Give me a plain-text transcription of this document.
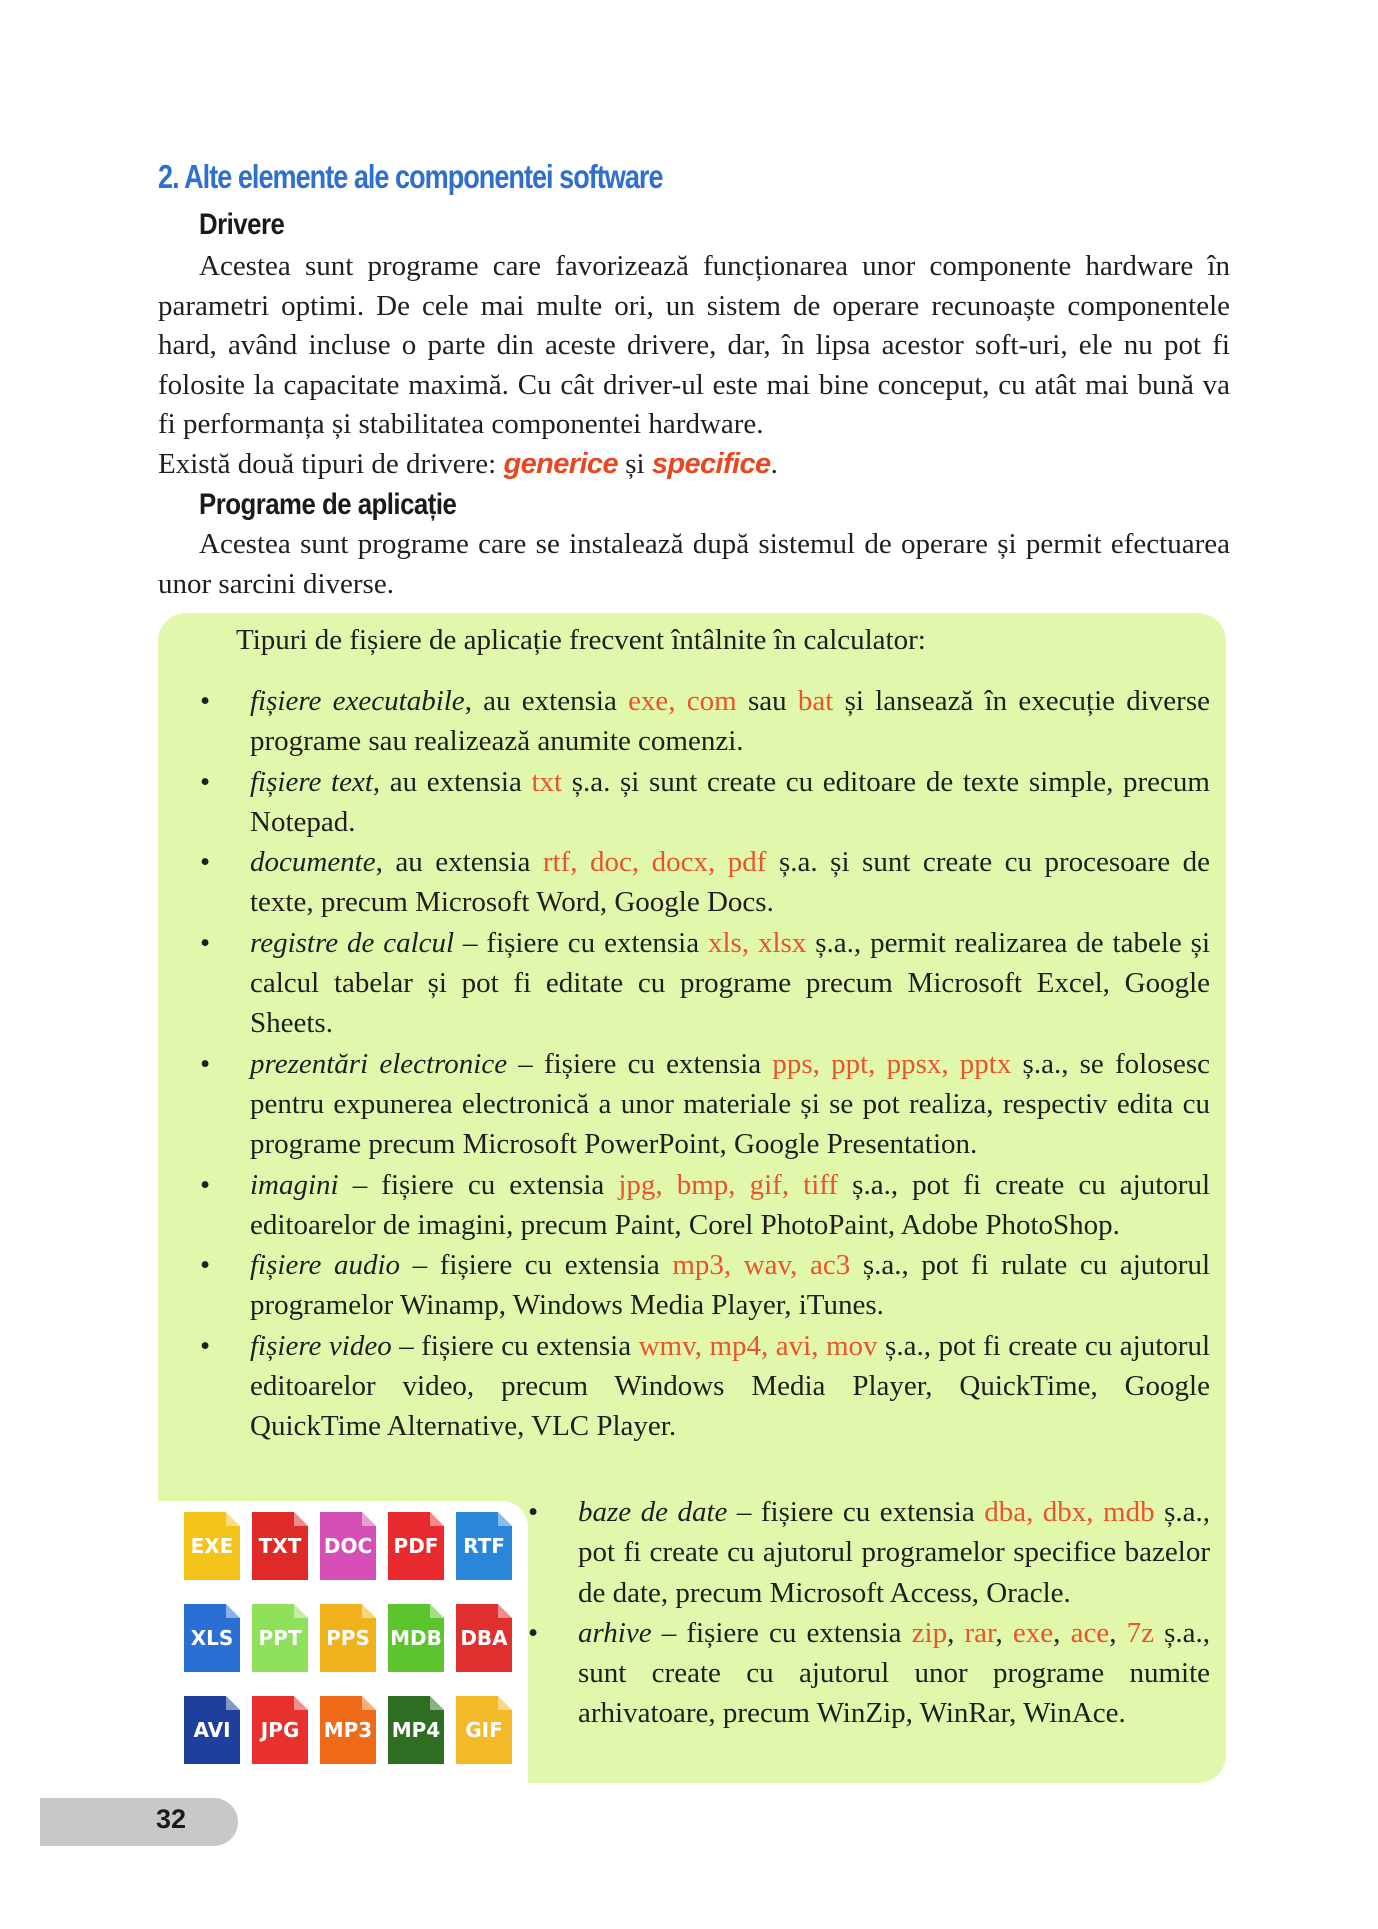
2. Alte elemente ale componentei software
Drivere
Acestea sunt programe care favorizează funcționarea unor componente hardware în parametri optimi. De cele mai multe ori, un sistem de operare recunoaște componentele hard, având incluse o parte din aceste drivere, dar, în lipsa acestor soft-uri, ele nu pot fi folosite la capacitate maximă. Cu cât driver-ul este mai bine conceput, cu atât mai bună va fi performanța și stabilitatea componentei hardware.
Există două tipuri de drivere: generice și specifice.
Programe de aplicație
Acestea sunt programe care se instalează după sistemul de operare și permit efectuarea unor sarcini diverse.
Tipuri de fișiere de aplicație frecvent întâlnite în calculator:
• fișiere executabile, au extensia exe, com sau bat și lansează în execuție diverse programe sau realizează anumite comenzi.
• fișiere text, au extensia txt ș.a. și sunt create cu editoare de texte simple, precum Notepad.
• documente, au extensia rtf, doc, docx, pdf ș.a. și sunt create cu procesoare de texte, precum Microsoft Word, Google Docs.
• registre de calcul – fișiere cu extensia xls, xlsx ș.a., permit realizarea de tabele și calcul tabelar și pot fi editate cu programe precum Microsoft Excel, Google Sheets.
• prezentări electronice – fișiere cu extensia pps, ppt, ppsx, pptx ș.a., se folosesc pentru expunerea electronică a unor materiale și se pot realiza, respectiv edita cu programe precum Microsoft PowerPoint, Google Presentation.
• imagini – fișiere cu extensia jpg, bmp, gif, tiff ș.a., pot fi create cu ajutorul editoarelor de imagini, precum Paint, Corel PhotoPaint, Adobe PhotoShop.
• fișiere audio – fișiere cu extensia mp3, wav, ac3 ș.a., pot fi rulate cu ajutorul programelor Winamp, Windows Media Player, iTunes.
• fișiere video – fișiere cu extensia wmv, mp4, avi, mov ș.a., pot fi create cu ajutorul editoarelor video, precum Windows Media Player, QuickTime, Google QuickTime Alternative, VLC Player.
• baze de date – fișiere cu extensia dba, dbx, mdb ș.a., pot fi create cu ajutorul programelor specifice bazelor de date, precum Microsoft Access, Oracle.
• arhive – fișiere cu extensia zip, rar, exe, ace, 7z ș.a., sunt create cu ajutorul unor programe numite arhivatoare, precum WinZip, WinRar, WinAce.
EXE TXT DOC PDF RTF
XLS PPT PPS MDB DBA
AVI JPG MP3 MP4 GIF
32
